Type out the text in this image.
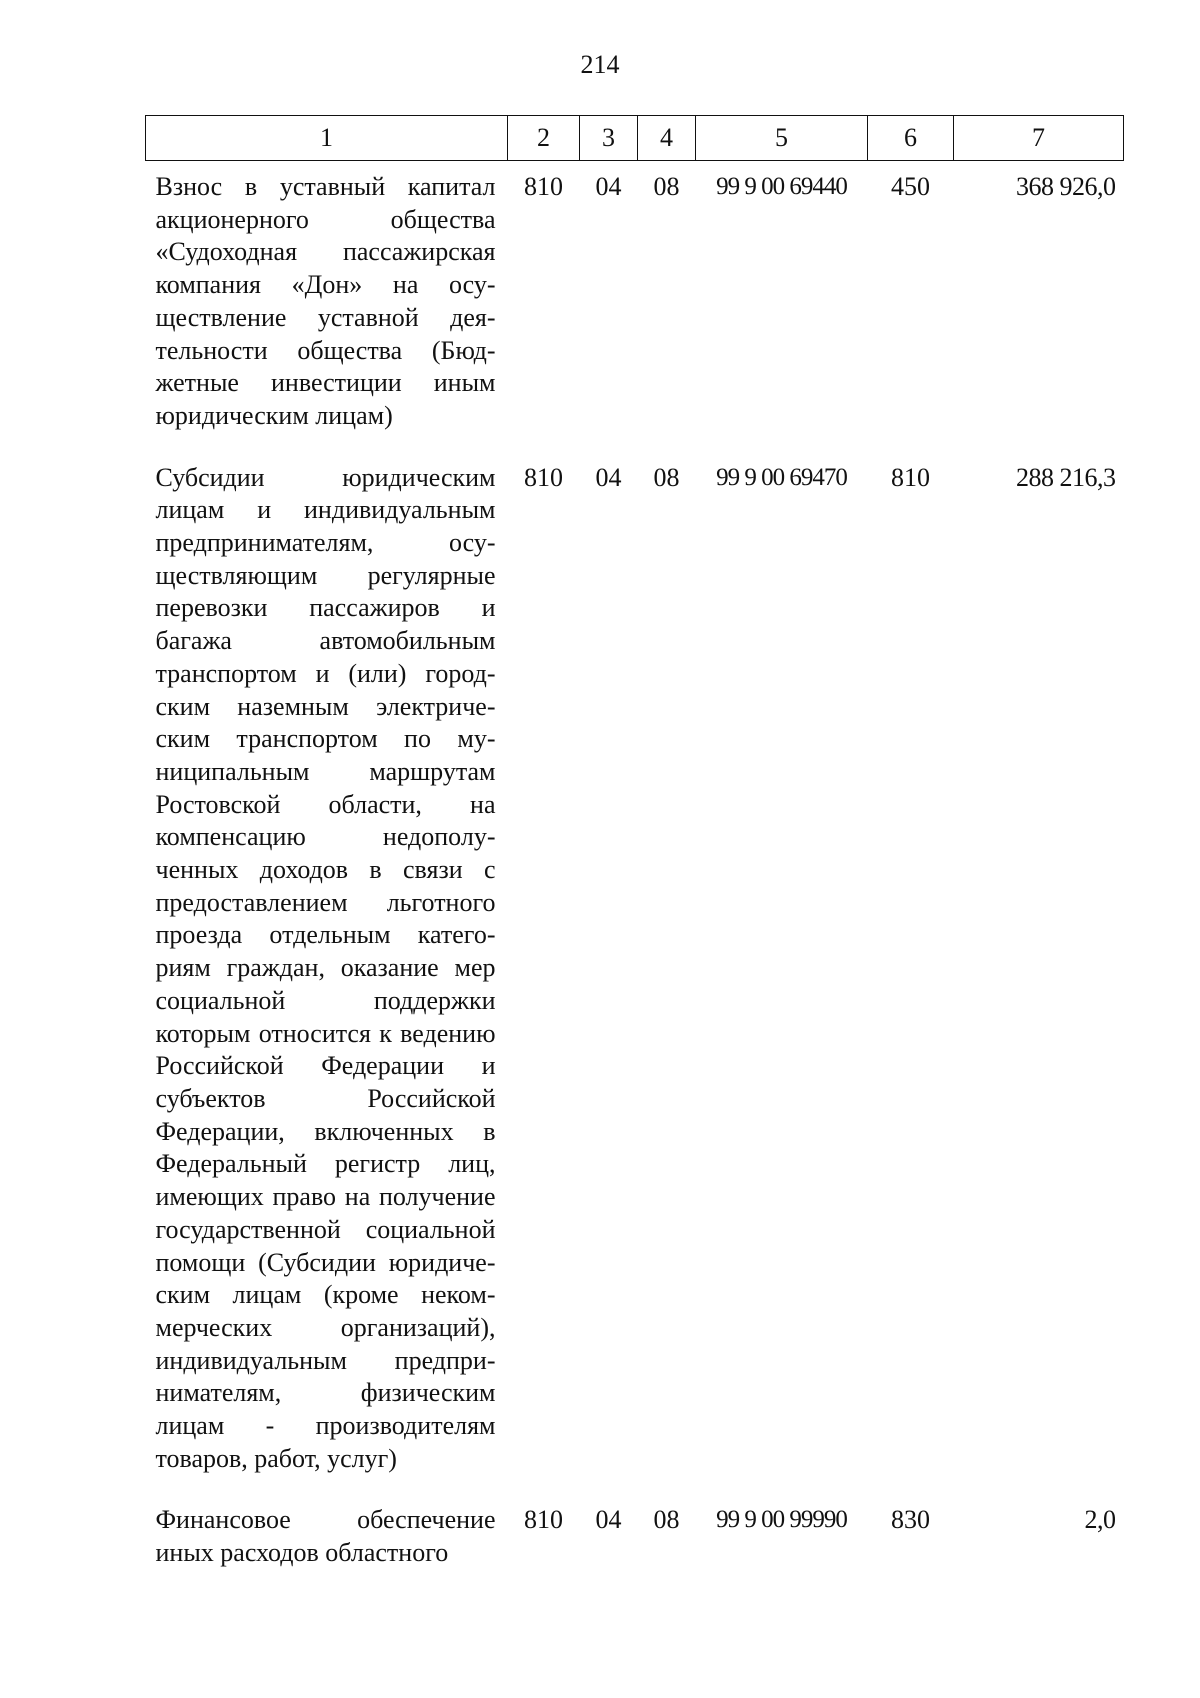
214
1	2	3	4	5	6	7
Взнос в уставный капитал акционерного общества «Судоходная пассажирская компания «Дон» на осуществление уставной деятельности общества (Бюджетные инвестиции иным юридическим лицам)	810	04	08	99 9 00 69440	450	368 926,0
Субсидии юридическим лицам и индивидуальным предпринимателям, осуществляющим регулярные перевозки пассажиров и багажа автомобильным транспортом и (или) городским наземным электрическим транспортом по муниципальным маршрутам Ростовской области, на компенсацию недополученных доходов в связи с предоставлением льготного проезда отдельным категориям граждан, оказание мер социальной поддержки которым относится к ведению Российской Федерации и субъектов Российской Федерации, включенных в Федеральный регистр лиц, имеющих право на получение государственной социальной помощи (Субсидии юридическим лицам (кроме некоммерческих организаций), индивидуальным предпринимателям, физическим лицам - производителям товаров, работ, услуг)	810	04	08	99 9 00 69470	810	288 216,3
Финансовое обеспечение иных расходов областного	810	04	08	99 9 00 99990	830	2,0
